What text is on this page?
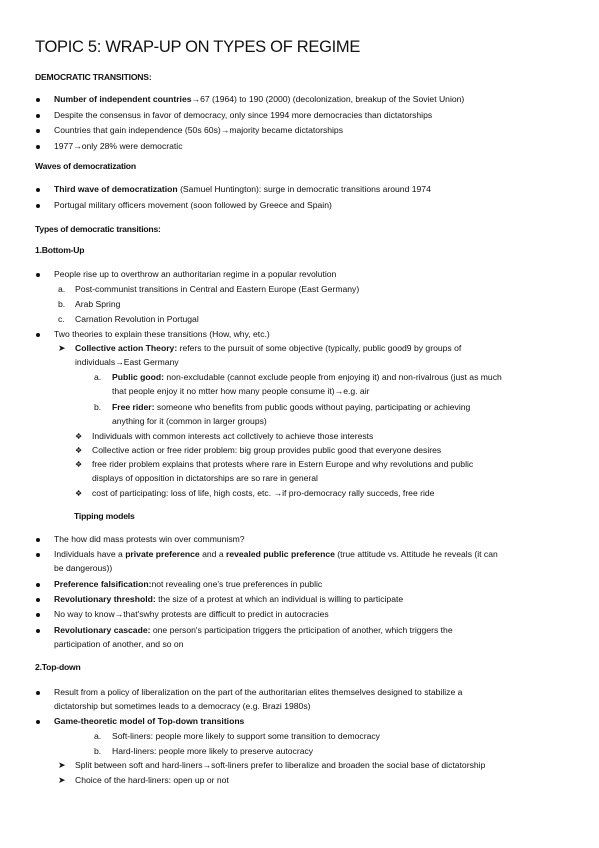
TOPIC 5: WRAP-UP ON TYPES OF REGIME
DEMOCRATIC TRANSITIONS:
Number of independent countries→67 (1964) to 190 (2000) (decolonization, breakup of the Soviet Union)
Despite the consensus in favor of democracy, only since 1994 more democracies than dictatorships
Countries that gain independence (50s 60s)→majority became dictatorships
1977→only 28% were democratic
Waves of democratization
Third wave of democratization (Samuel Huntington): surge in democratic transitions around 1974
Portugal military officers movement (soon followed by Greece and Spain)
Types of democratic transitions:
1.Bottom-Up
People rise up to overthrow an authoritarian regime in a popular revolution
a. Post-communist transitions in Central and Eastern Europe (East Germany)
b. Arab Spring
c. Carnation Revolution in Portugal
Two theories to explain these transitions (How, why, etc.)
➤ Collective action Theory: refers to the pursuit of some objective (typically, public good9 by groups of
individuals→East Germany
a. Public good: non-excludable (cannot exclude people from enjoying it) and non-rivalrous (just as much
that people enjoy it no mtter how many people consume it)→e.g. air
b. Free rider: someone who benefits from public goods without paying, participating or achieving
anything for it (common in larger groups)
❖ Individuals with common interests act collctively to achieve those interests
❖ Collective action or free rider problem: big group provides public good that everyone desires
❖ free rider problem explains that protests where rare in Estern Europe and why revolutions and public
displays of opposition in dictatorships are so rare in general
❖ cost of participating: loss of life, high costs, etc. →if pro-democracy rally succeds, free ride
Tipping models
The how did mass protests win over communism?
Individuals have a private preference and a revealed public preference (true attitude vs. Attitude he reveals (it can
be dangerous))
Preference falsification:not revealing one's true preferences in public
Revolutionary threshold: the size of a protest at which an individual is willing to participate
No way to know→that'swhy protests are difficult to predict in autocracies
Revolutionary cascade: one person's participation triggers the prticipation of another, which triggers the
participation of another, and so on
2.Top-down
Result from a policy of liberalization on the part of the authoritarian elites themselves designed to stabilize a
dictatorship but sometimes leads to a democracy (e.g. Brazi 1980s)
Game-theoretic model of Top-down transitions
a. Soft-liners: people more likely to support some transition to democracy
b. Hard-liners: people more likely to preserve autocracy
➤ Split between soft and hard-liners→soft-liners prefer to liberalize and broaden the social base of dictatorship
➤ Choice of the hard-liners: open up or not
